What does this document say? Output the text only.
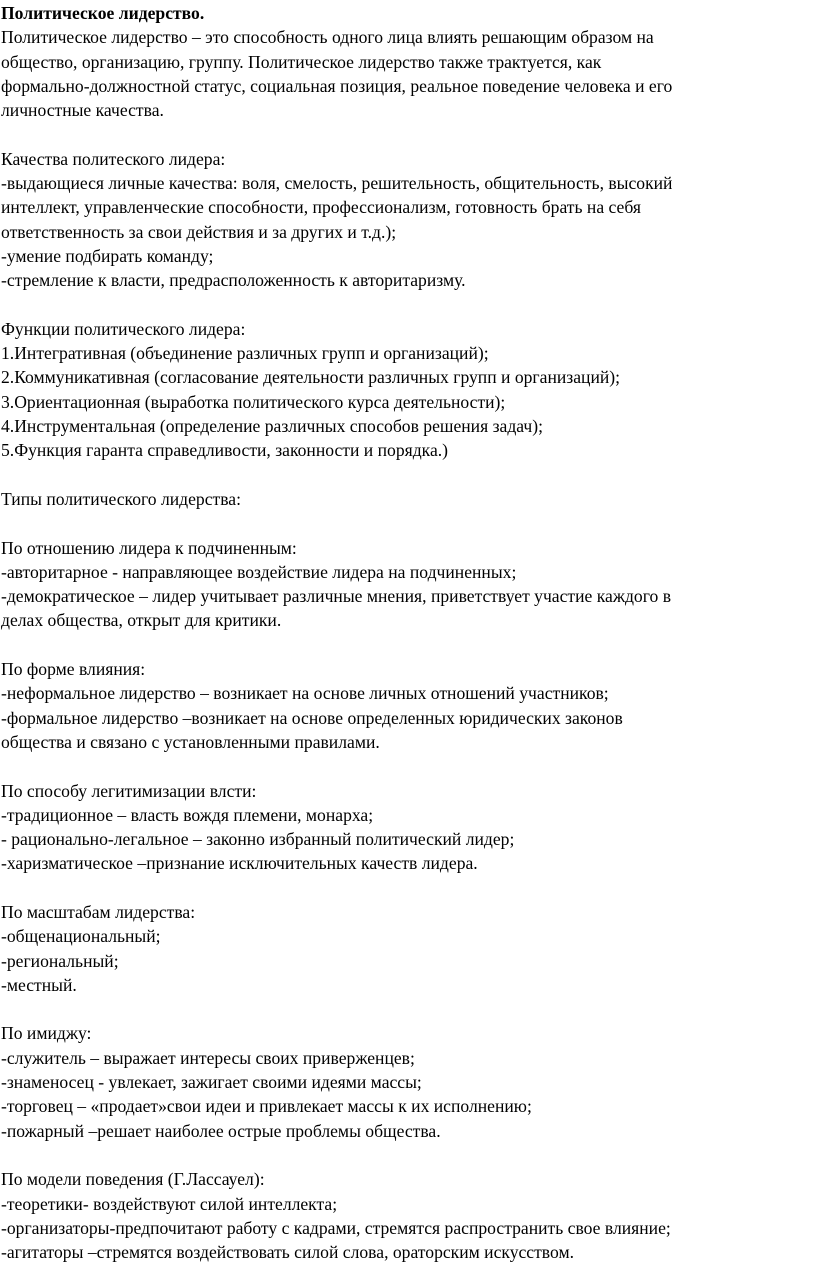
Политическое лидерство.
Политическое лидерство – это способность одного лица влиять решающим образом на
общество, организацию, группу. Политическое лидерство также трактуется, как
формально-должностной статус, социальная позиция, реальное поведение человека и его
личностные качества.
Качества политеского лидера:
-выдающиеся личные качества: воля, смелость, решительность, общительность, высокий
интеллект, управленческие способности, профессионализм, готовность брать на себя
ответственность за свои действия и за других и т.д.);
-умение подбирать команду;
-стремление к власти, предрасположенность к авторитаризму.
Функции политического лидера:
1.Интегративная (объединение различных групп и организаций);
2.Коммуникативная (согласование деятельности различных групп и организаций);
3.Ориентационная (выработка политического курса деятельности);
4.Инструментальная (определение различных способов решения задач);
5.Функция гаранта справедливости, законности и порядка.)
Типы политического лидерства:
По отношению лидера к подчиненным:
-авторитарное - направляющее воздействие лидера на подчиненных;
-демократическое – лидер учитывает различные мнения, приветствует участие каждого в
делах общества, открыт для критики.
По форме влияния:
-неформальное лидерство – возникает на основе личных отношений участников;
-формальное лидерство –возникает на основе определенных юридических законов
общества и связано с установленными правилами.
По способу легитимизации влсти:
-традиционное – власть вождя племени, монарха;
- рационально-легальное – законно избранный политический лидер;
-харизматическое –признание исключительных качеств лидера.
По масштабам лидерства:
-общенациональный;
-региональный;
-местный.
По имиджу:
-служитель – выражает интересы своих приверженцев;
-знаменосец - увлекает, зажигает своими идеями массы;
-торговец – «продает»свои идеи и привлекает массы к их исполнению;
-пожарный –решает наиболее острые проблемы общества.
По модели поведения (Г.Лассауел):
-теоретики- воздействуют силой интеллекта;
-организаторы-предпочитают работу с кадрами, стремятся распространить свое влияние;
-агитаторы –стремятся воздействовать силой слова, ораторским искусством.
